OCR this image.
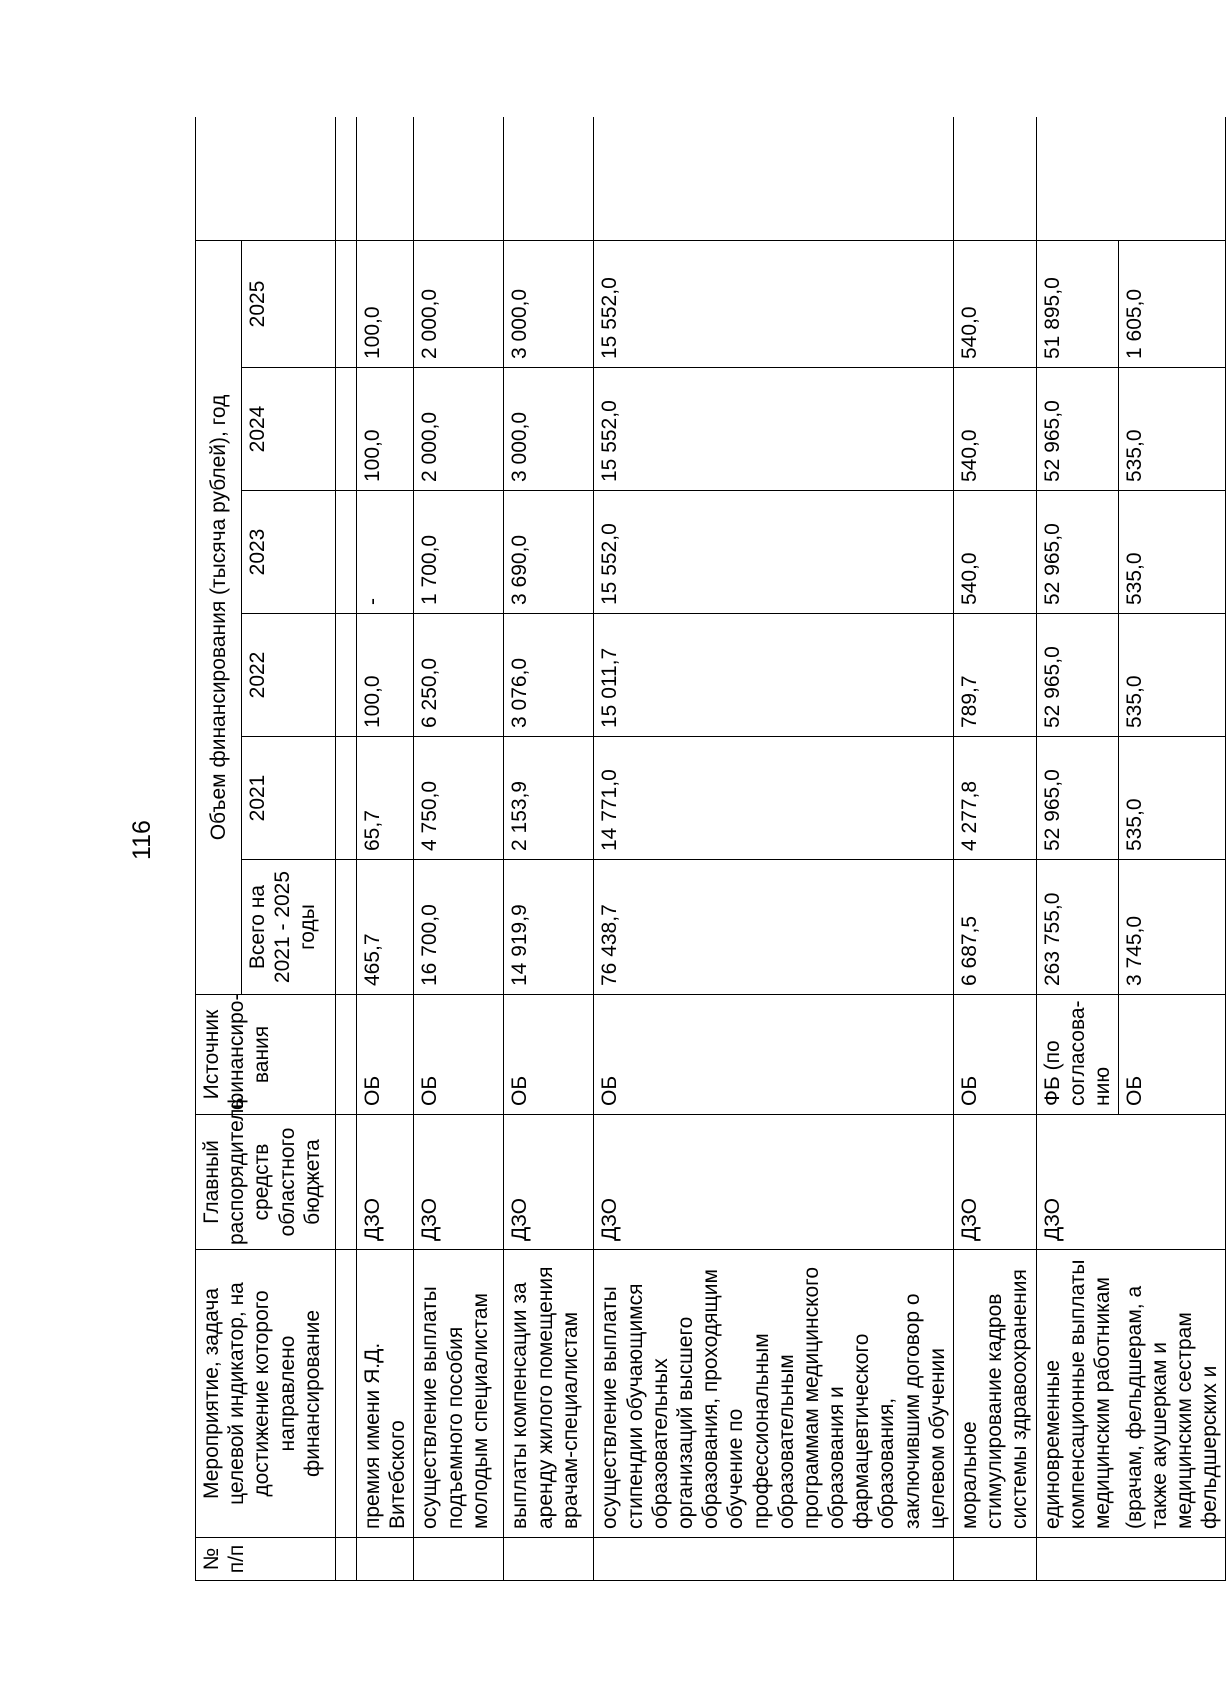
116
№ п/п	Мероприятие, задача целевой индикатор, на достижение которого направлено финансирование	Главный распорядитель средств областного бюджета	Источник финансиро-вания	Объем финансирования (тысяча рублей), год						
				Всего на 2021 - 2025 годы	2021	2022	2023	2024	2025	

	премия имени Я.Д. Витебского	ДЗО	ОБ	465,7	65,7	100,0	-	100,0	100,0	
	осуществление выплаты подъемного пособия молодым специалистам	ДЗО	ОБ	16 700,0	4 750,0	6 250,0	1 700,0	2 000,0	2 000,0	
	выплаты компенсации за аренду жилого помещения врачам-специалистам	ДЗО	ОБ	14 919,9	2 153,9	3 076,0	3 690,0	3 000,0	3 000,0	
	осуществление выплаты стипендии обучающимся образовательных организаций высшего образования, проходящим обучение по профессиональным образовательным программам медицинского образования и фармацевтического образования, заключившим договор о целевом обучении	ДЗО	ОБ	76 438,7	14 771,0	15 011,7	15 552,0	15 552,0	15 552,0	
	моральное стимулирование кадров системы здравоохранения	ДЗО	ОБ	6 687,5	4 277,8	789,7	540,0	540,0	540,0	
	единовременные компенсационные выплаты медицинским работникам	ДЗО	ФБ (по согласова-нию	263 755,0	52 965,0	52 965,0	52 965,0	52 965,0	51 895,0	
	(врачам, фельдшерам, а также акушеркам и медицинским сестрам фельдшерских и		ОБ	3 745,0	535,0	535,0	535,0	535,0	1 605,0	
